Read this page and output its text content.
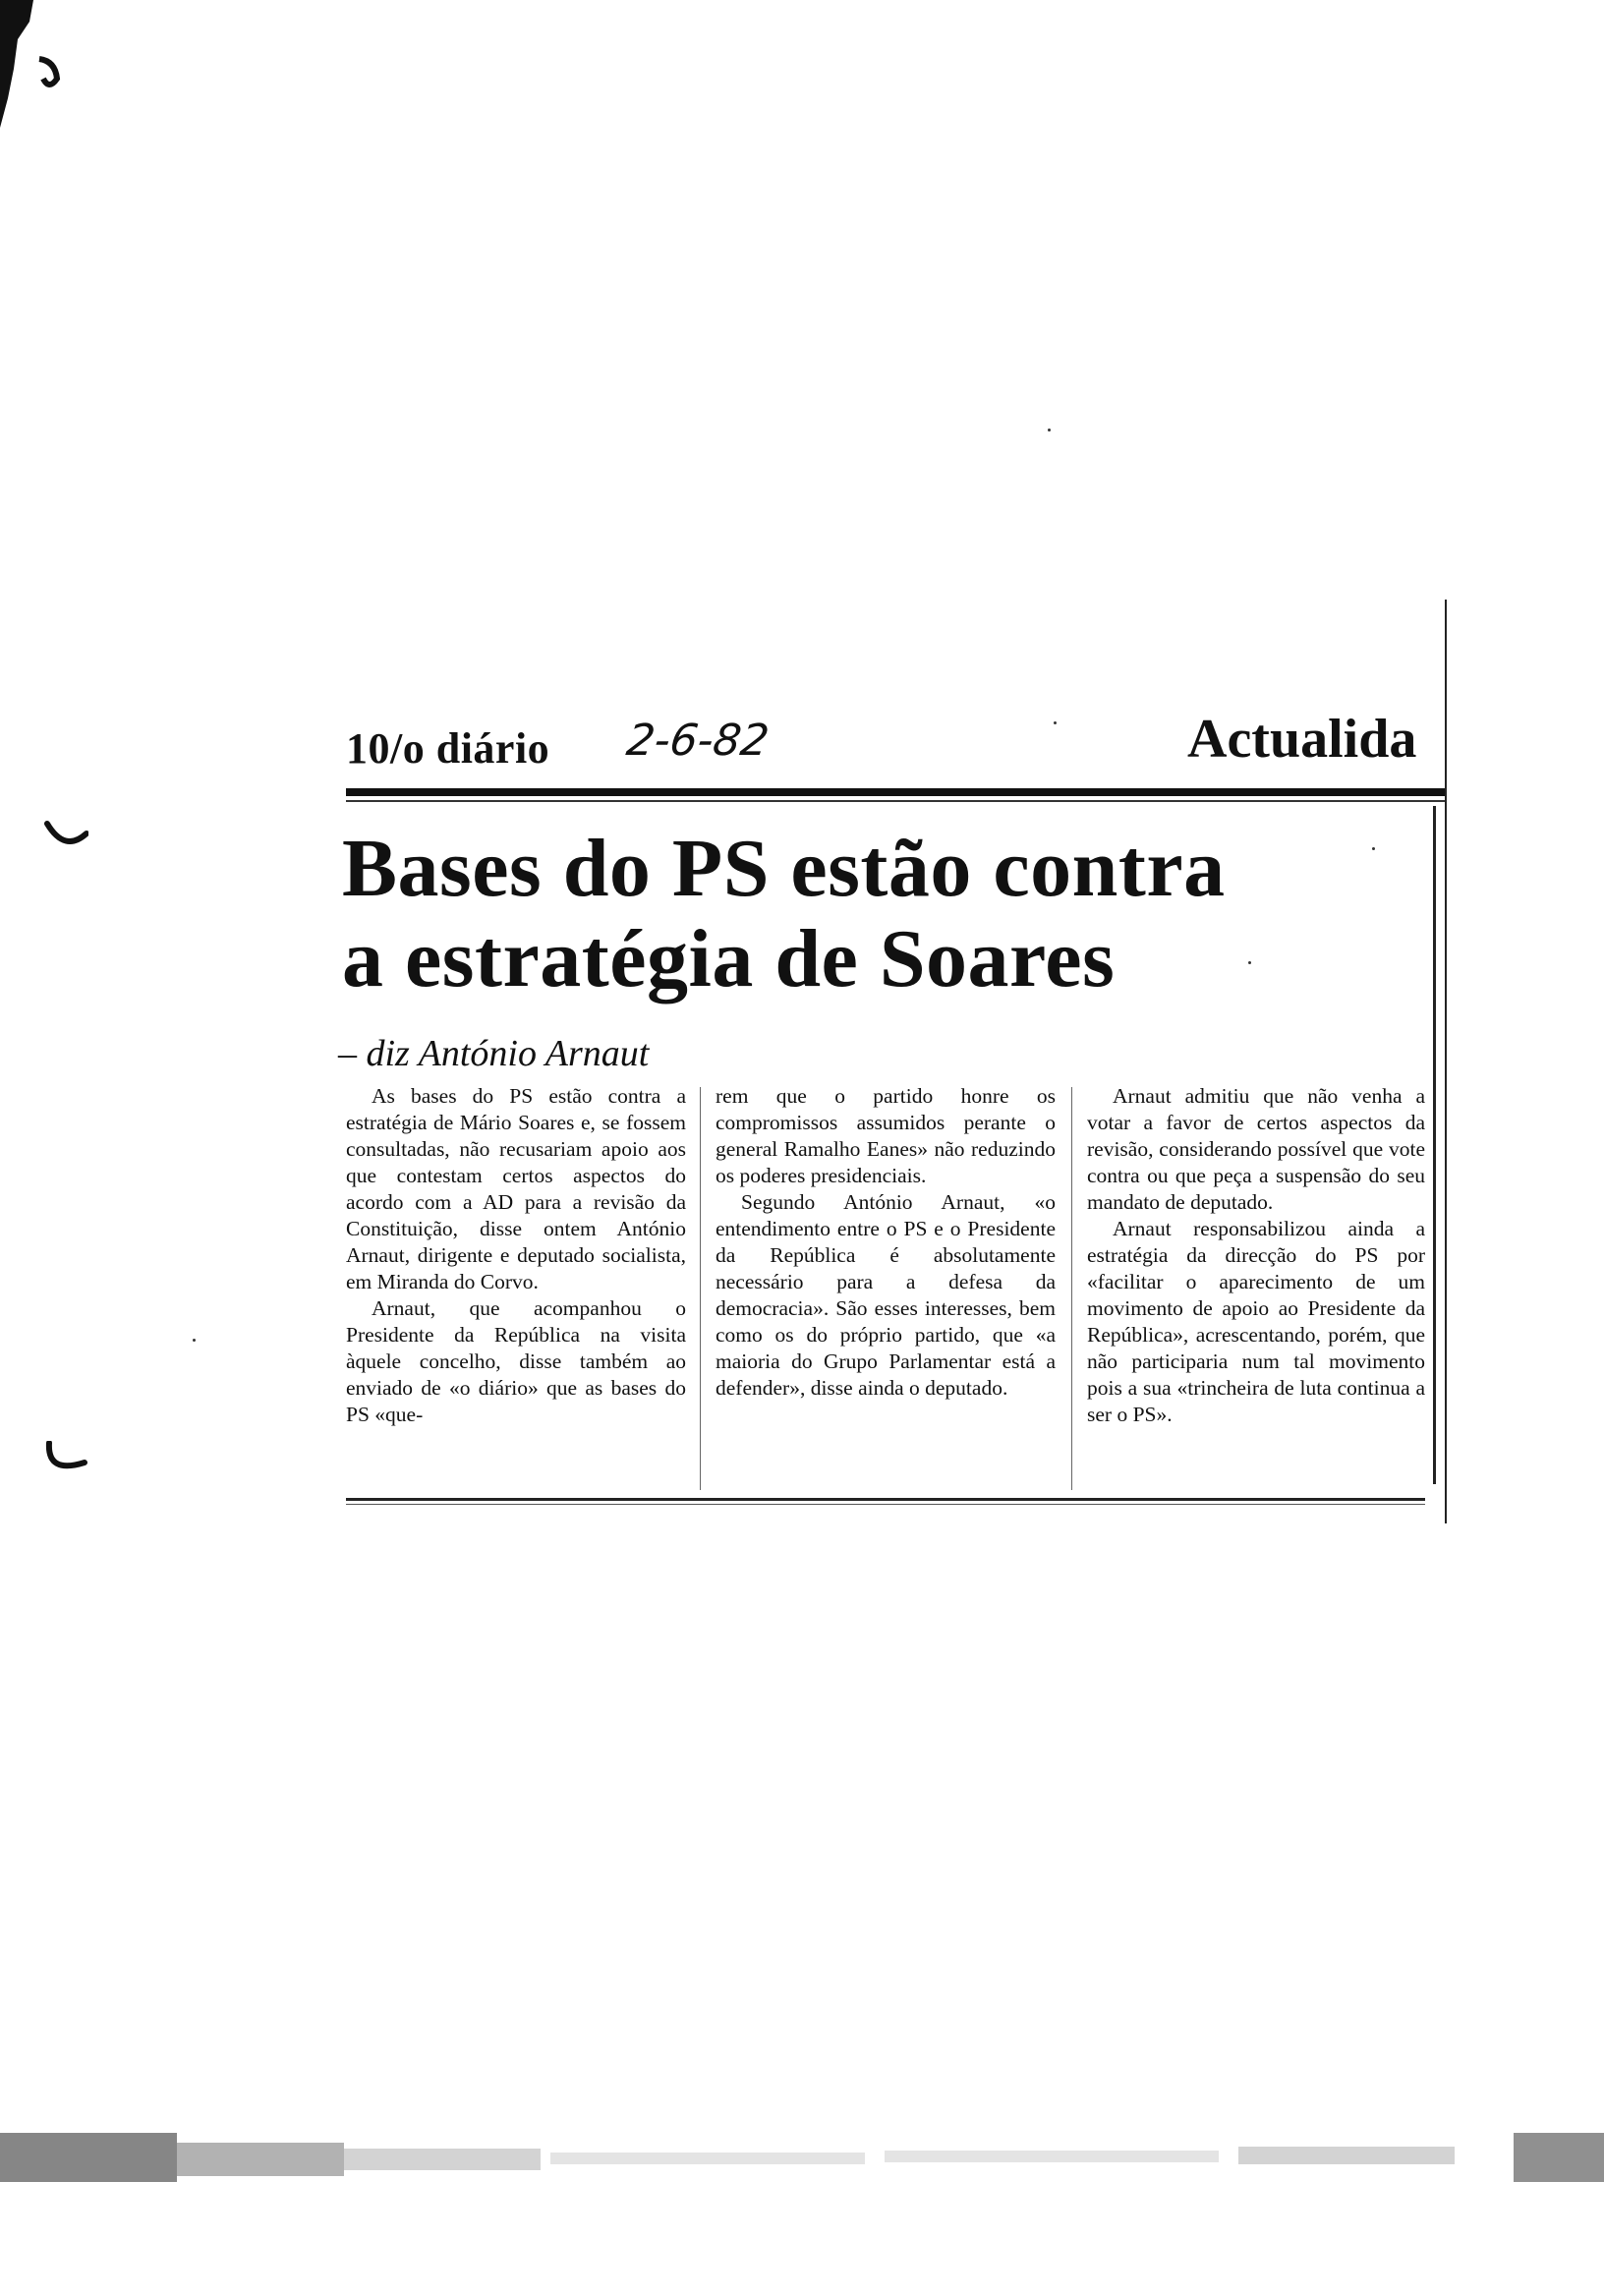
10/o diário 2-6-82	Actualida
Bases do PS estão contra
a estratégia de Soares
– diz António Arnaut

As bases do PS estão contra a estratégia de Mário Soares e, se fossem consultadas, não recusariam apoio aos que contestam certos aspectos do acordo com a AD para a revisão da Constituição, disse ontem António Arnaut, dirigente e deputado socialista, em Miranda do Corvo.

Arnaut, que acompanhou o Presidente da República na visita àquele concelho, disse também ao enviado de «o diário» que as bases do PS «que-

rem que o partido honre os compromissos assumidos perante o general Ramalho Eanes» não reduzindo os poderes presidenciais.

Segundo António Arnaut, «o entendimento entre o PS e o Presidente da República é absolutamente necessário para a defesa da democracia». São esses interesses, bem como os do próprio partido, que «a maioria do Grupo Parlamentar está a defender», disse ainda o deputado.

Arnaut admitiu que não venha a votar a favor de certos aspectos da revisão, considerando possível que vote contra ou que peça a suspensão do seu mandato de deputado.

Arnaut responsabilizou ainda a estratégia da direcção do PS por «facilitar o aparecimento de um movimento de apoio ao Presidente da República», acrescentando, porém, que não participaria num tal movimento pois a sua «trincheira de luta continua a ser o PS».
